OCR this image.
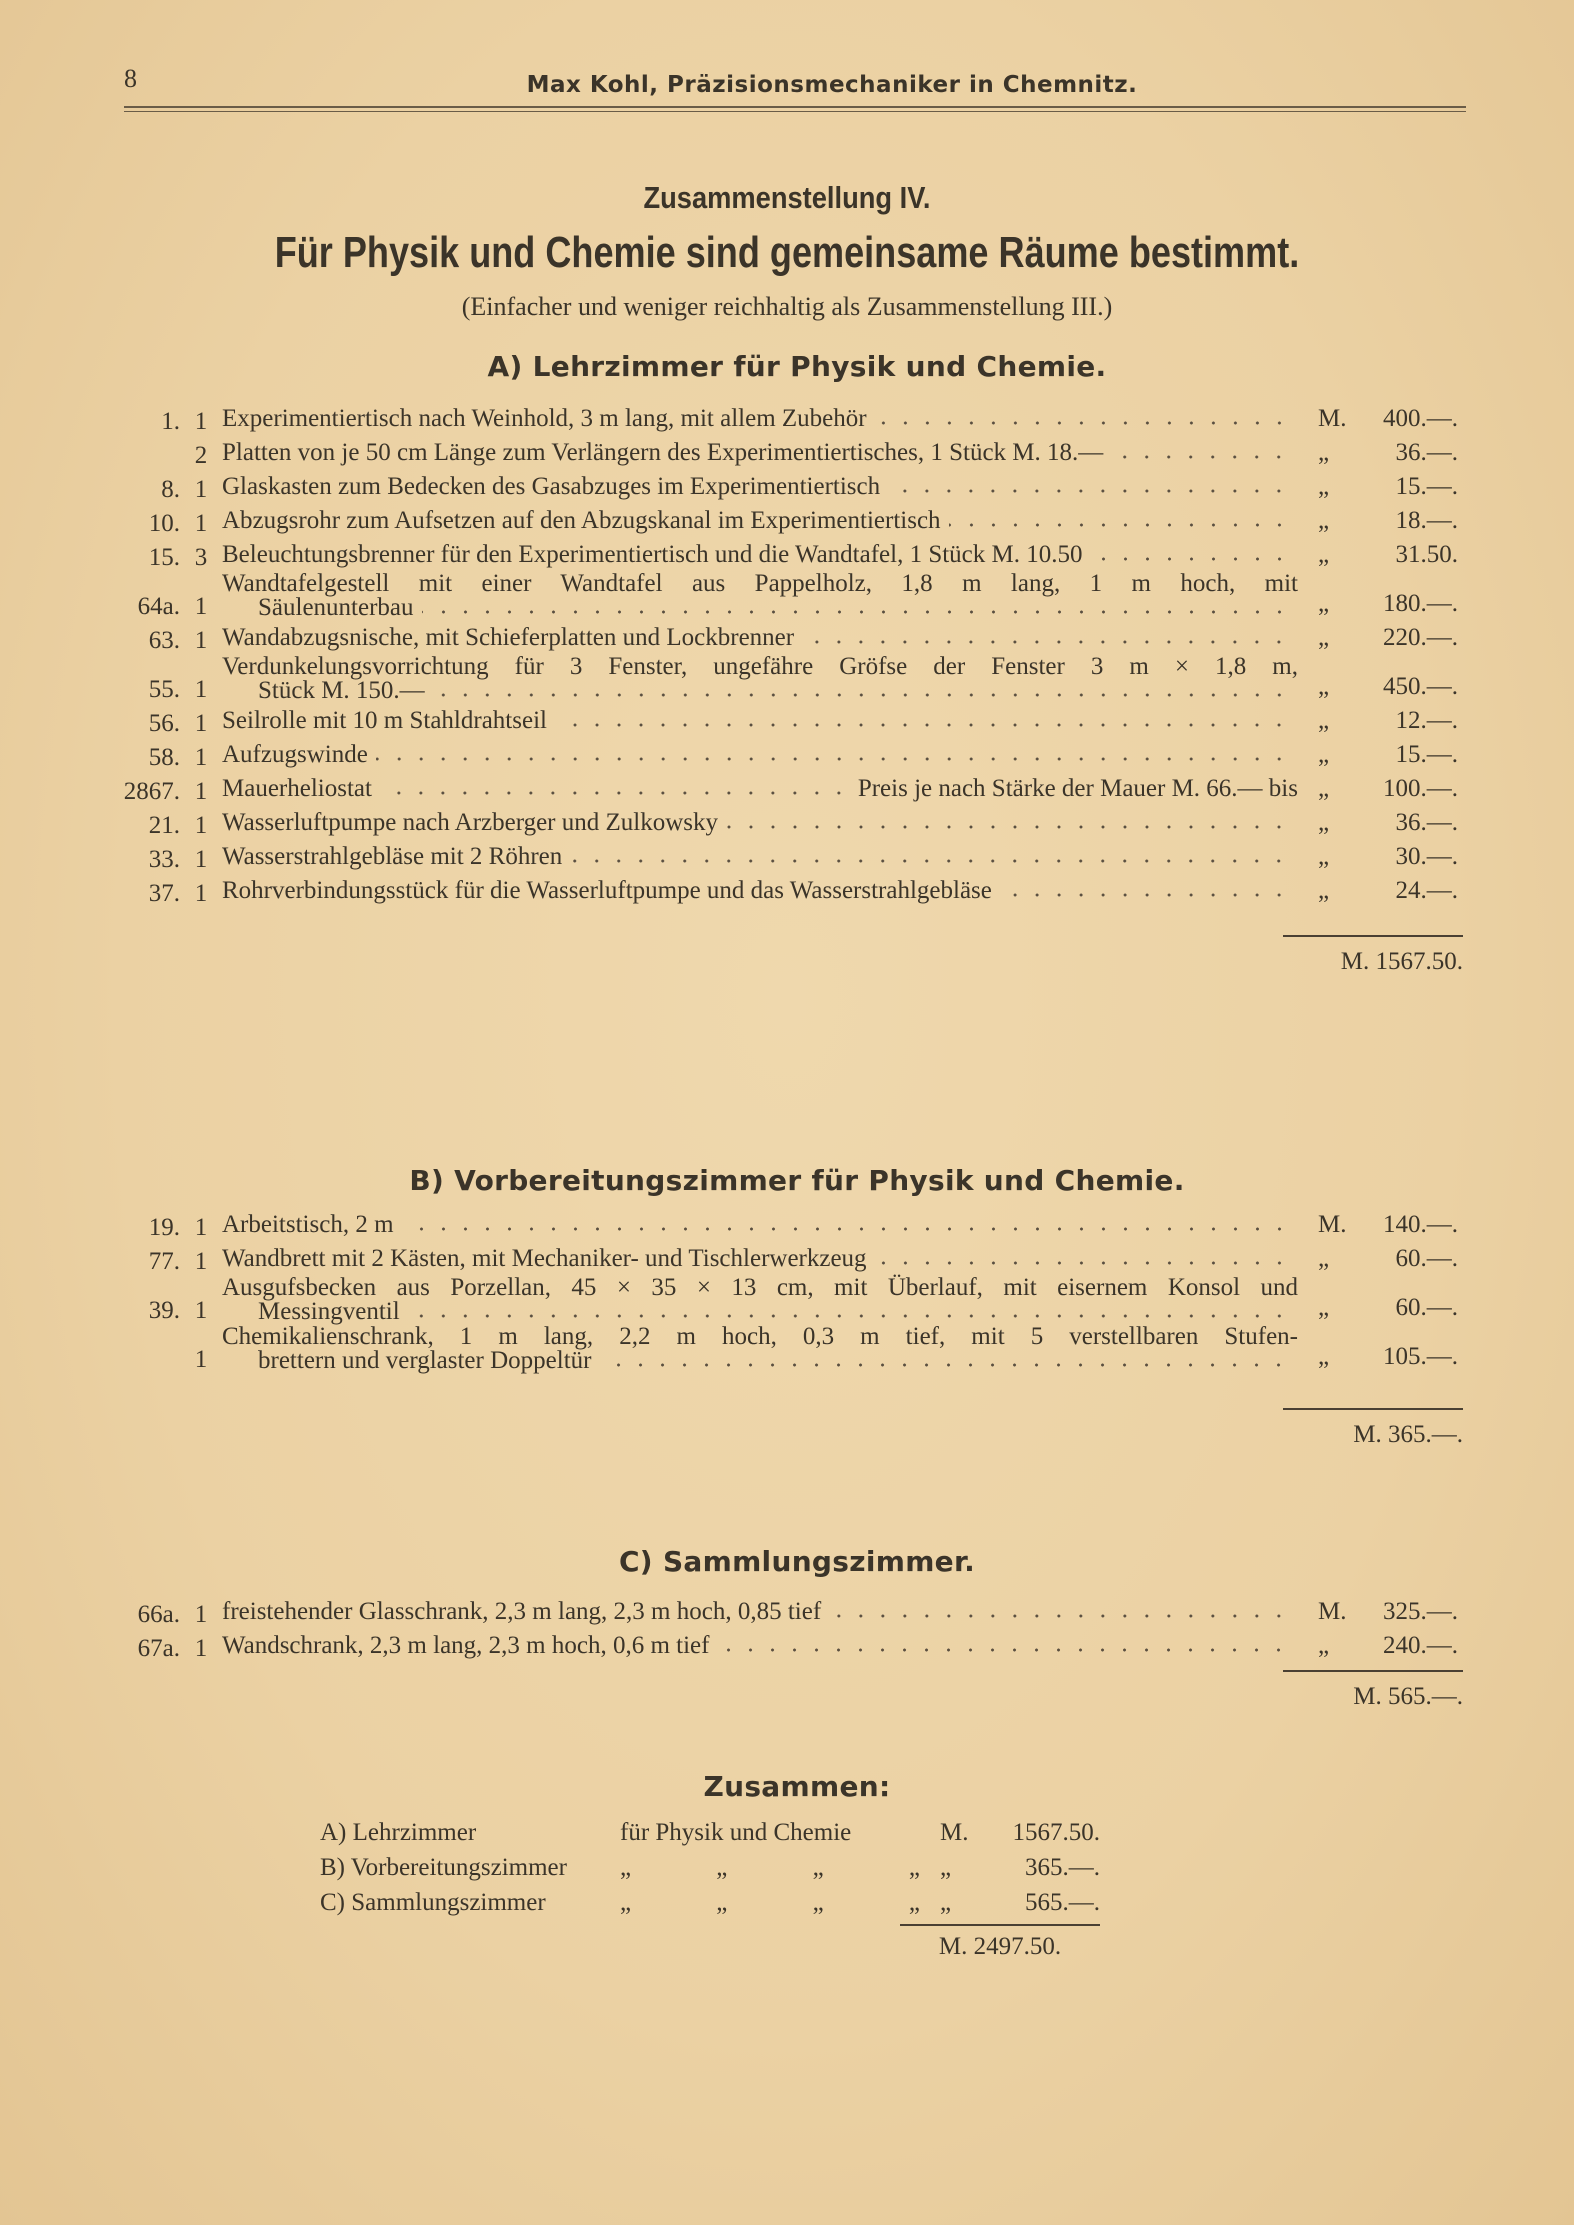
8	Max Kohl, Präzisionsmechaniker in Chemnitz.
Zusammenstellung IV.
Für Physik und Chemie sind gemeinsame Räume bestimmt.
(Einfacher und weniger reichhaltig als Zusammenstellung III.)
A) Lehrzimmer für Physik und Chemie.
1. 1 Experimentiertisch nach Weinhold, 3 m lang, mit allem Zubehör	M. 400.—.
2 Platten von je 50 cm Länge zum Verlängern des Experimentiertisches, 1 Stück M. 18.—	„	36.—.
8. 1 Glaskasten zum Bedecken des Gasabzuges im Experimentiertisch	„	15.—.
10. 1 Abzugsrohr zum Aufsetzen auf den Abzugskanal im Experimentiertisch	„	18.—.
15. 3 Beleuchtungsbrenner für den Experimentiertisch und die Wandtafel, 1 Stück M. 10.50	„	31.50.
64a. 1
Wandtafelgestell mit einer Wandtafel aus Pappelholz, 1,8 m lang, 1 m hoch, mit
Säulenunterbau	„	180.—.
63. 1 Wandabzugsnische, mit Schieferplatten und Lockbrenner	„	220.—.
55. 1
Verdunkelungsvorrichtung für 3 Fenster, ungefähre Gröfse der Fenster 3 m × 1,8 m,
Stück M. 150.—	„	450.—.
56. 1 Seilrolle mit 10 m Stahldrahtseil	„	12.—.
58. 1 Aufzugswinde	„	15.—.
2867. 1 Mauerheliostat	Preis je nach Stärke der Mauer M. 66.— bis „	100.—.
21. 1 Wasserluftpumpe nach Arzberger und Zulkowsky	„	36.—.
33. 1 Wasserstrahlgebläse mit 2 Röhren	„	30.—.
37. 1 Rohrverbindungsstück für die Wasserluftpumpe und das Wasserstrahlgebläse	„	24.—.
M. 1567.50.
B) Vorbereitungszimmer für Physik und Chemie.
19. 1 Arbeitstisch, 2 m	M. 140.—.
77. 1 Wandbrett mit 2 Kästen, mit Mechaniker- und Tischlerwerkzeug	„	60.—.
39. 1
Ausgufsbecken aus Porzellan, 45 × 35 × 13 cm, mit Überlauf, mit eisernem Konsol und
Messingventil	„	60.—.
1
Chemikalienschrank, 1 m lang, 2,2 m hoch, 0,3 m tief, mit 5 verstellbaren Stufen-
brettern und verglaster Doppeltür	„	105.—.
M. 365.—.
C) Sammlungszimmer.
66a. 1 freistehender Glasschrank, 2,3 m lang, 2,3 m hoch, 0,85 tief	M. 325.—.
67a. 1 Wandschrank, 2,3 m lang, 2,3 m hoch, 0,6 m tief	„	240.—.
M. 565.—.
Zusammen:
A) Lehrzimmer	für Physik und Chemie	M. 1567.50.
B) Vorbereitungszimmer	„	„	„	„ „	365.—.
C) Sammlungszimmer	„	„	„	„ „	565.—.
M. 2497.50.
